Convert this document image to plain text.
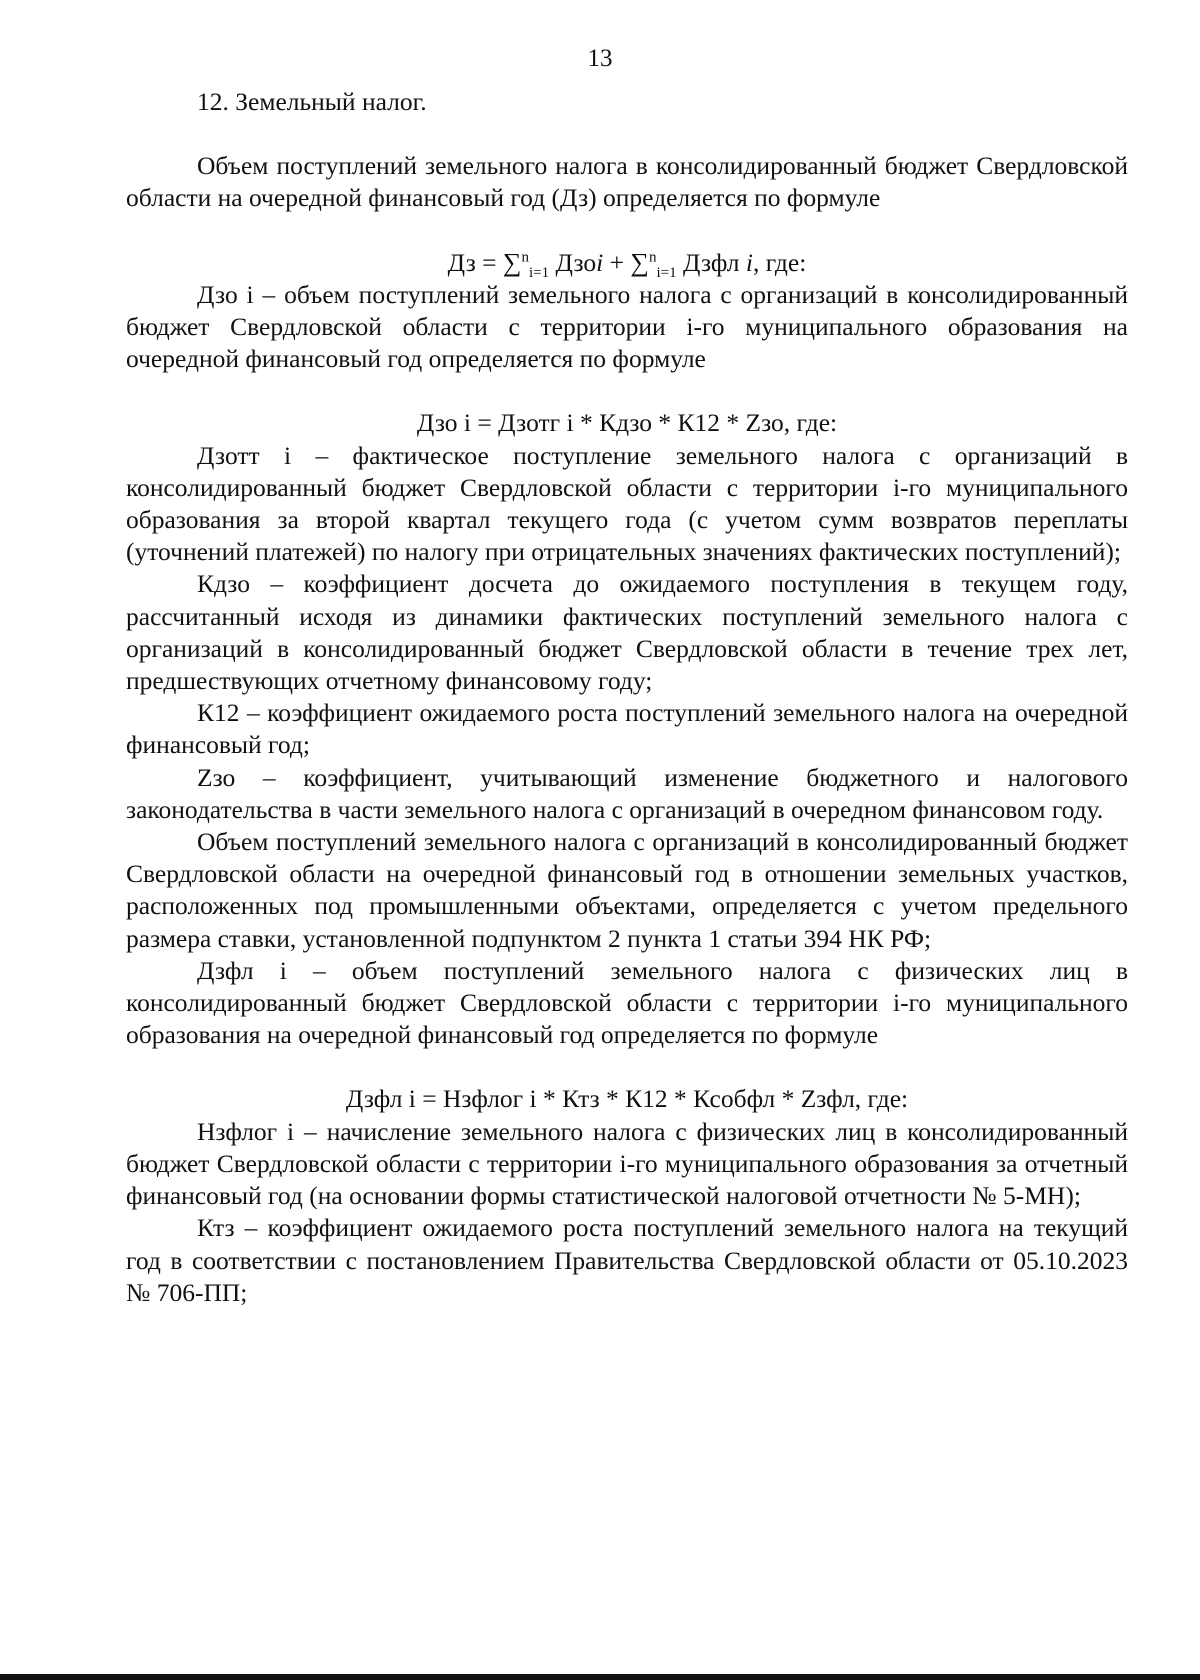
13

12. Земельный налог.

Объем поступлений земельного налога в консолидированный бюджет Свердловской области на очередной финансовый год (Дз) определяется по формуле

Дз = ∑$^n_{i=1}$ Дзоi + ∑$^n_{i=1}$ Дзфл i, где:

Дзо i – объем поступлений земельного налога с организаций в консолидированный бюджет Свердловской области с территории i-го муниципального образования на очередной финансовый год определяется по формуле

Дзо i = Дзотг i * Кдзо * К12 * Zзо, где:

Дзотт i – фактическое поступление земельного налога с организаций в консолидированный бюджет Свердловской области с территории i-го муниципального образования за второй квартал текущего года (с учетом сумм возвратов переплаты (уточнений платежей) по налогу при отрицательных значениях фактических поступлений);

Кдзо – коэффициент досчета до ожидаемого поступления в текущем году, рассчитанный исходя из динамики фактических поступлений земельного налога с организаций в консолидированный бюджет Свердловской области в течение трех лет, предшествующих отчетному финансовому году;

К12 – коэффициент ожидаемого роста поступлений земельного налога на очередной финансовый год;

Zзо – коэффициент, учитывающий изменение бюджетного и налогового законодательства в части земельного налога с организаций в очередном финансовом году.

Объем поступлений земельного налога с организаций в консолидированный бюджет Свердловской области на очередной финансовый год в отношении земельных участков, расположенных под промышленными объектами, определяется с учетом предельного размера ставки, установленной подпунктом 2 пункта 1 статьи 394 НК РФ;

Дзфл i – объем поступлений земельного налога с физических лиц в консолидированный бюджет Свердловской области с территории i-го муниципального образования на очередной финансовый год определяется по формуле

Дзфл i = Нзфлог i * Ктз * К12 * Ксобфл * Zзфл, где:

Нзфлог i – начисление земельного налога с физических лиц в консолидированный бюджет Свердловской области с территории i-го муниципального образования за отчетный финансовый год (на основании формы статистической налоговой отчетности № 5-МН);

Ктз – коэффициент ожидаемого роста поступлений земельного налога на текущий год в соответствии с постановлением Правительства Свердловской области от 05.10.2023 № 706-ПП;
